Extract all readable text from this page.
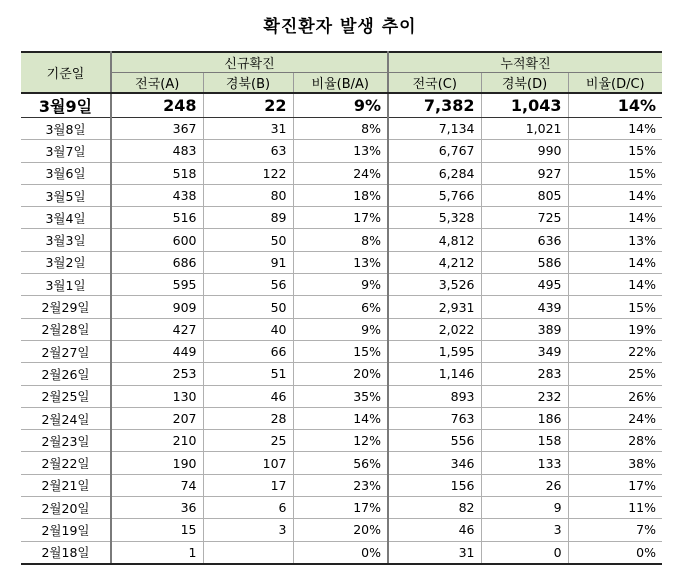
확진환자 발생 추이
기준일	신규확진			누적확진		
	전국(A)	경북(B)	비율(B/A)	전국(C)	경북(D)	비율(D/C)
3월9일	248	22	9%	7,382	1,043	14%
3월8일	367	31	8%	7,134	1,021	14%
3월7일	483	63	13%	6,767	990	15%
3월6일	518	122	24%	6,284	927	15%
3월5일	438	80	18%	5,766	805	14%
3월4일	516	89	17%	5,328	725	14%
3월3일	600	50	8%	4,812	636	13%
3월2일	686	91	13%	4,212	586	14%
3월1일	595	56	9%	3,526	495	14%
2월29일	909	50	6%	2,931	439	15%
2월28일	427	40	9%	2,022	389	19%
2월27일	449	66	15%	1,595	349	22%
2월26일	253	51	20%	1,146	283	25%
2월25일	130	46	35%	893	232	26%
2월24일	207	28	14%	763	186	24%
2월23일	210	25	12%	556	158	28%
2월22일	190	107	56%	346	133	38%
2월21일	74	17	23%	156	26	17%
2월20일	36	6	17%	82	9	11%
2월19일	15	3	20%	46	3	7%
2월18일	1		0%	31	0	0%
